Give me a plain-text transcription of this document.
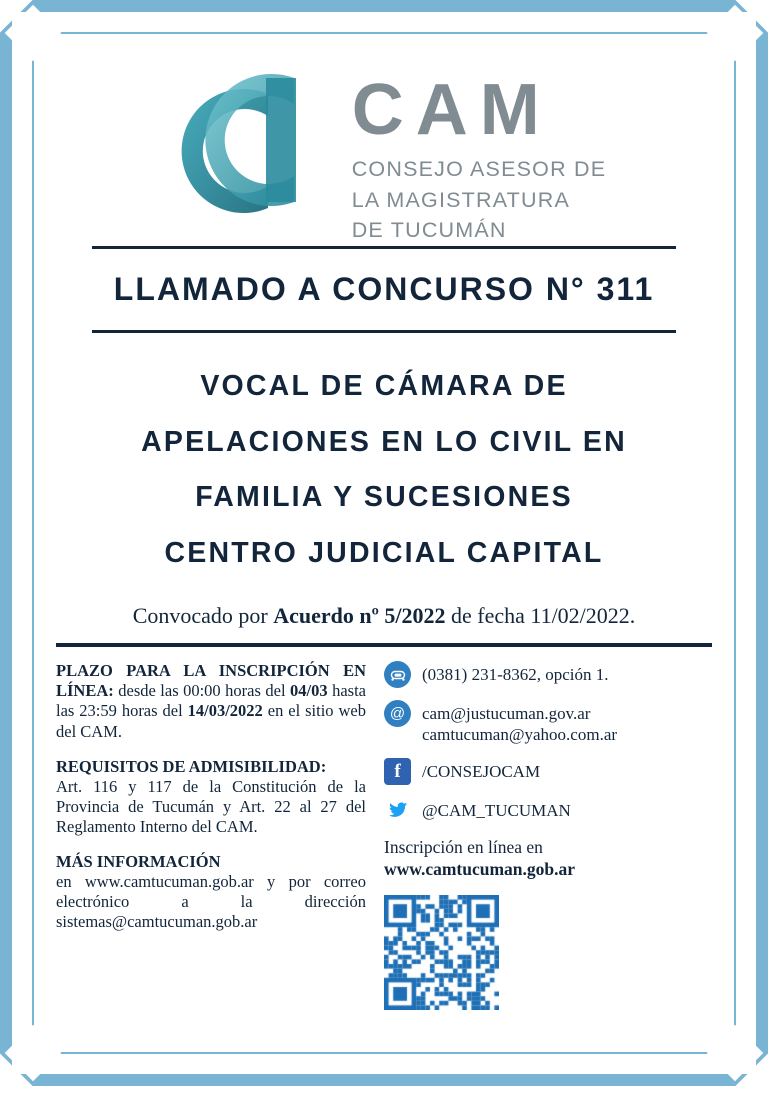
CAM
CONSEJO ASESOR DE
LA MAGISTRATURA
DE TUCUMÁN
LLAMADO A CONCURSO N° 311
VOCAL DE CÁMARA DE
APELACIONES EN LO CIVIL EN
FAMILIA Y SUCESIONES
CENTRO JUDICIAL CAPITAL
Convocado por Acuerdo nº 5/2022 de fecha 11/02/2022.
PLAZO PARA LA INSCRIPCIÓN EN LÍNEA: desde las 00:00 horas del 04/03 hasta las 23:59 horas del 14/03/2022 en el sitio web del CAM.
REQUISITOS DE ADMISIBILIDAD:
Art. 116 y 117 de la Constitución de la Provincia de Tucumán y Art. 22 al 27 del Reglamento Interno del CAM.
MÁS INFORMACIÓN
en www.camtucuman.gob.ar y por correo electrónico a la dirección sistemas@camtucuman.gob.ar
(0381) 231-8362, opción 1.
@ cam@justucuman.gov.ar
camtucuman@yahoo.com.ar
f	/CONSEJOCAM
@CAM_TUCUMAN
Inscripción en línea en
www.camtucuman.gob.ar
